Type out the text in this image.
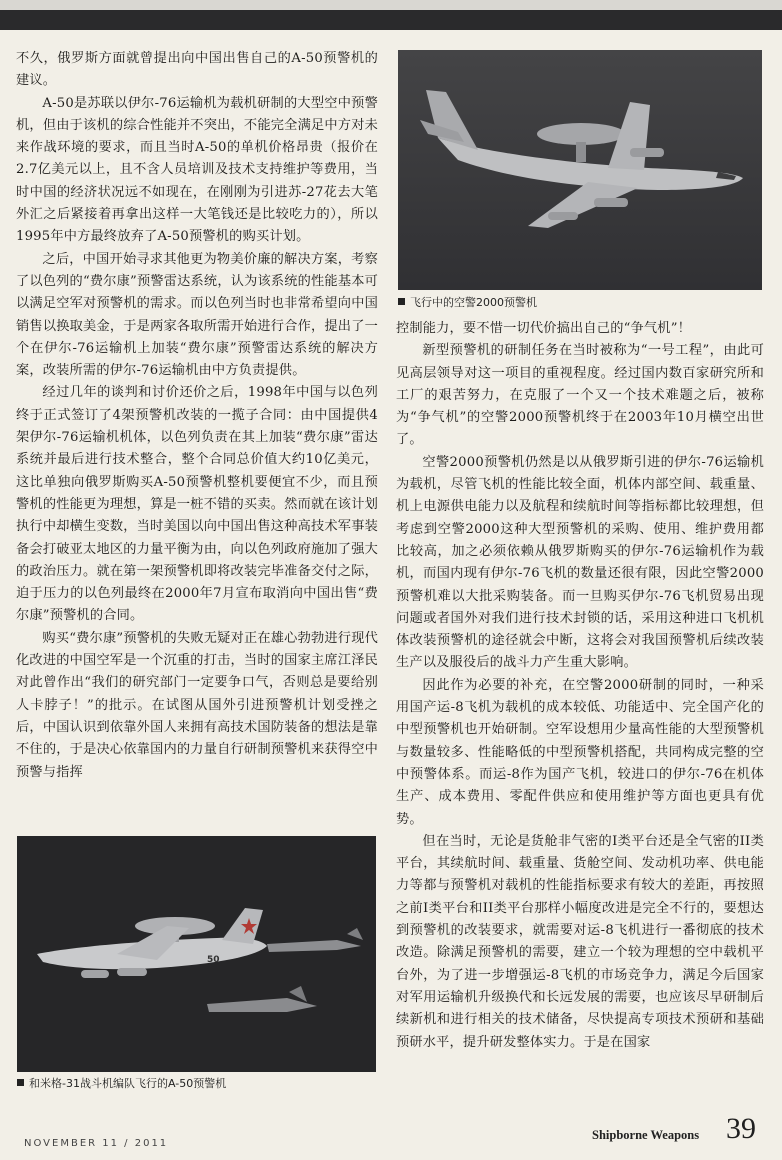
不久，俄罗斯方面就曾提出向中国出售自己的A-50预警机的建议。

A-50是苏联以伊尔-76运输机为载机研制的大型空中预警机，但由于该机的综合性能并不突出，不能完全满足中方对未来作战环境的要求，而且当时A-50的单机价格昂贵（报价在2.7亿美元以上，且不含人员培训及技术支持维护等费用，当时中国的经济状况远不如现在，在刚刚为引进苏-27花去大笔外汇之后紧接着再拿出这样一大笔钱还是比较吃力的），所以1995年中方最终放弃了A-50预警机的购买计划。

之后，中国开始寻求其他更为物美价廉的解决方案，考察了以色列的“费尔康”预警雷达系统，认为该系统的性能基本可以满足空军对预警机的需求。而以色列当时也非常希望向中国销售以换取美金，于是两家各取所需开始进行合作，提出了一个在伊尔-76运输机上加装“费尔康”预警雷达系统的解决方案，改装所需的伊尔-76运输机由中方负责提供。

经过几年的谈判和讨价还价之后，1998年中国与以色列终于正式签订了4架预警机改装的一揽子合同：由中国提供4架伊尔-76运输机机体，以色列负责在其上加装“费尔康”雷达系统并最后进行技术整合，整个合同总价值大约10亿美元，这比单独向俄罗斯购买A-50预警机整机要便宜不少，而且预警机的性能更为理想，算是一桩不错的买卖。然而就在该计划执行中却横生变数，当时美国以向中国出售这种高技术军事装备会打破亚太地区的力量平衡为由，向以色列政府施加了强大的政治压力。就在第一架预警机即将改装完毕准备交付之际，迫于压力的以色列最终在2000年7月宣布取消向中国出售“费尔康”预警机的合同。

购买“费尔康”预警机的失败无疑对正在雄心勃勃进行现代化改进的中国空军是一个沉重的打击，当时的国家主席江泽民对此曾作出“我们的研究部门一定要争口气，否则总是要给别人卡脖子！”的批示。在试图从国外引进预警机计划受挫之后，中国认识到依靠外国人来拥有高技术国防装备的想法是靠不住的，于是决心依靠国内的力量自行研制预警机来获得空中预警与指挥

飞行中的空警2000预警机

控制能力，要不惜一切代价搞出自己的“争气机”！

新型预警机的研制任务在当时被称为“一号工程”，由此可见高层领导对这一项目的重视程度。经过国内数百家研究所和工厂的艰苦努力，在克服了一个又一个技术难题之后，被称为“争气机”的空警2000预警机终于在2003年10月横空出世了。

空警2000预警机仍然是以从俄罗斯引进的伊尔-76运输机为载机，尽管飞机的性能比较全面，机体内部空间、载重量、机上电源供电能力以及航程和续航时间等指标都比较理想，但考虑到空警2000这种大型预警机的采购、使用、维护费用都比较高，加之必须依赖从俄罗斯购买的伊尔-76运输机作为载机，而国内现有伊尔-76飞机的数量还很有限，因此空警2000预警机难以大批采购装备。而一旦购买伊尔-76飞机贸易出现问题或者国外对我们进行技术封锁的话，采用这种进口飞机机体改装预警机的途径就会中断，这将会对我国预警机后续改装生产以及服役后的战斗力产生重大影响。

因此作为必要的补充，在空警2000研制的同时，一种采用国产运-8飞机为载机的成本较低、功能适中、完全国产化的中型预警机也开始研制。空军设想用少量高性能的大型预警机与数量较多、性能略低的中型预警机搭配，共同构成完整的空中预警体系。而运-8作为国产飞机，较进口的伊尔-76在机体生产、成本费用、零配件供应和使用维护等方面也更具有优势。

但在当时，无论是货舱非气密的I类平台还是全气密的II类平台，其续航时间、载重量、货舱空间、发动机功率、供电能力等都与预警机对载机的性能指标要求有较大的差距，再按照之前I类平台和II类平台那样小幅度改进是完全不行的，要想达到预警机的改装要求，就需要对运-8飞机进行一番彻底的技术改造。除满足预警机的需要，建立一个较为理想的空中载机平台外，为了进一步增强运-8飞机的市场竞争力，满足今后国家对军用运输机升级换代和长远发展的需要，也应该尽早研制后续新机和进行相关的技术储备，尽快提高专项技术预研和基础预研水平，提升研发整体实力。于是在国家

50
和米格-31战斗机编队飞行的A-50预警机
NOVEMBER 11 / 2011
Shipborne Weapons 39
